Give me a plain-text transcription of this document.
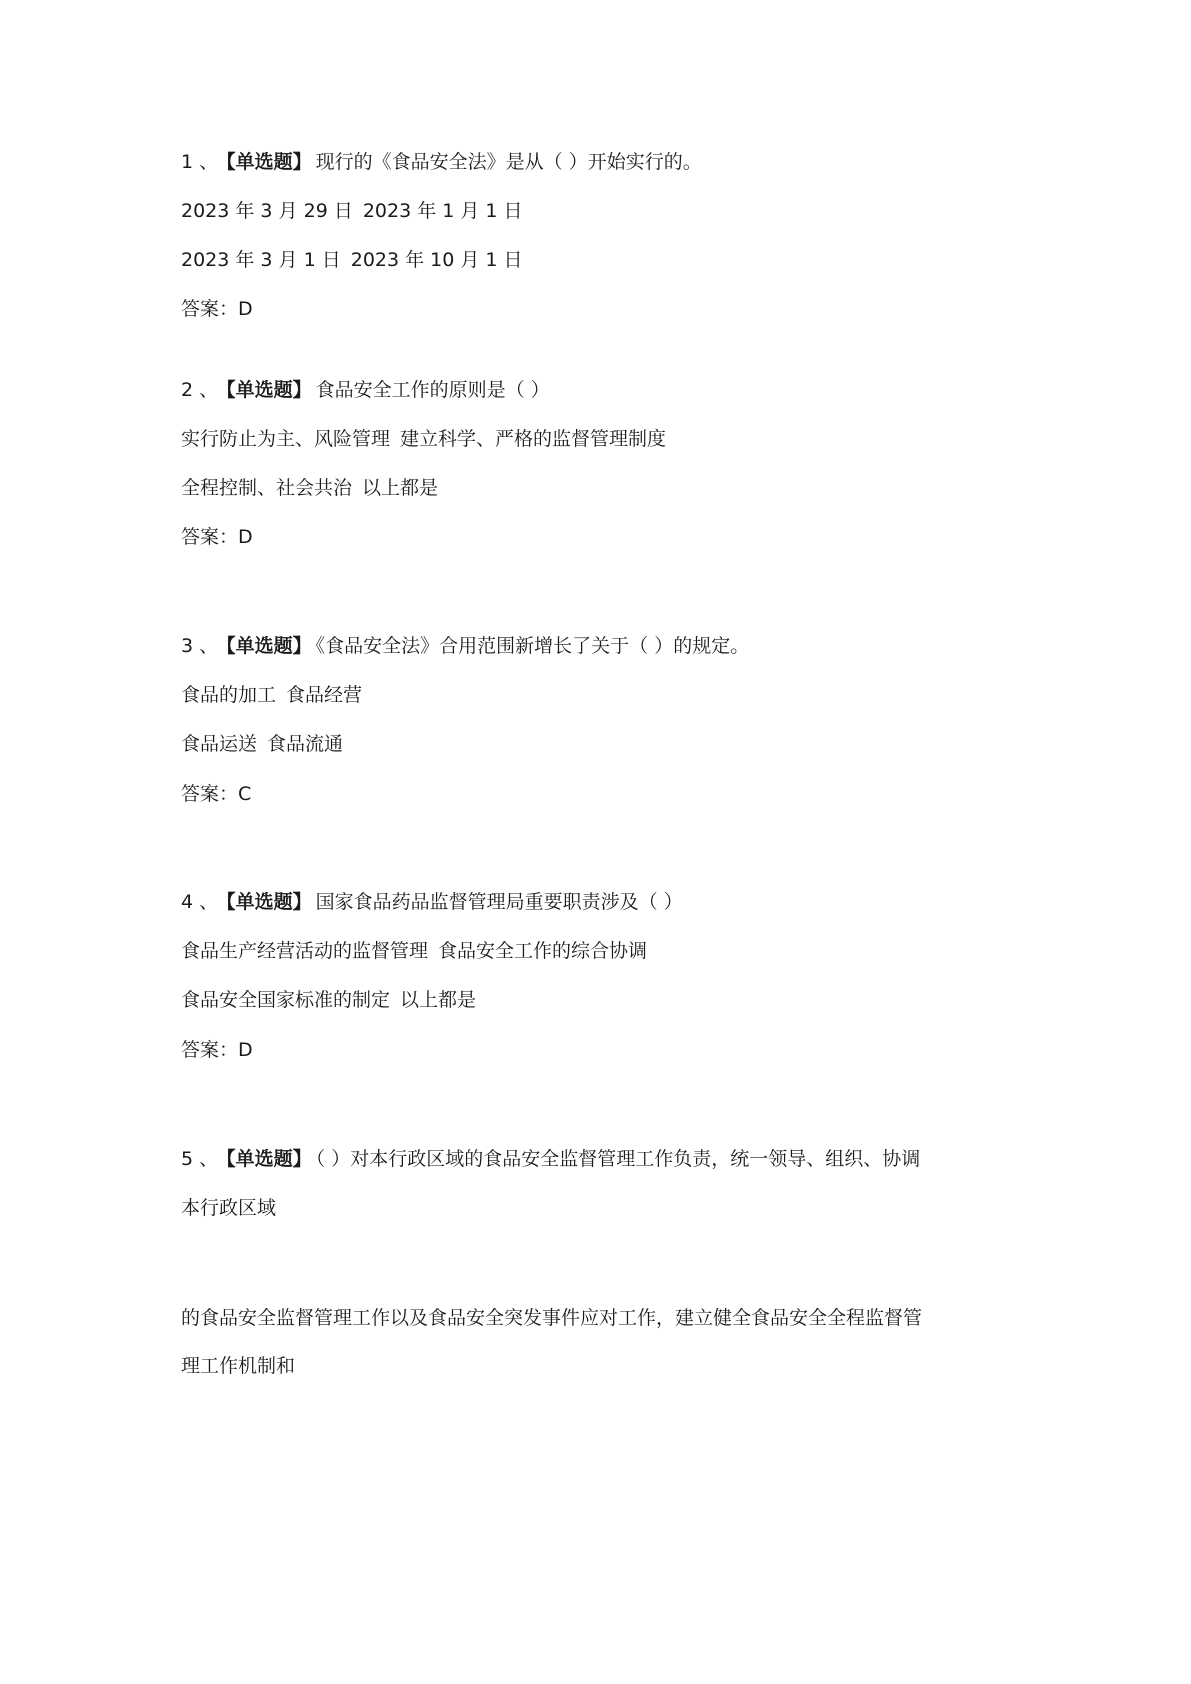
1 、 【单选题】 现行的《食品安全法》是从（ ）开始实行的。

2023 年 3 月 29 日 2023 年 1 月 1 日

2023 年 3 月 1 日 2023 年 10 月 1 日

答案：D

2 、 【单选题】 食品安全工作的原则是（ ）

实行防止为主、风险管理 建立科学、严格的监督管理制度

全程控制、社会共治 以上都是

答案：D

3 、 【单选题】 《食品安全法》合用范围新增长了关于（ ）的规定。

食品的加工 食品经营

食品运送 食品流通

答案：C

4 、 【单选题】 国家食品药品监督管理局重要职责涉及（ ）

食品生产经营活动的监督管理 食品安全工作的综合协调

食品安全国家标准的制定 以上都是

答案：D

5 、 【单选题】 （ ）对本行政区域的食品安全监督管理工作负责，统一领导、组织、协调

本行政区域

的食品安全监督管理工作以及食品安全突发事件应对工作，建立健全食品安全全程监督管

理工作机制和
